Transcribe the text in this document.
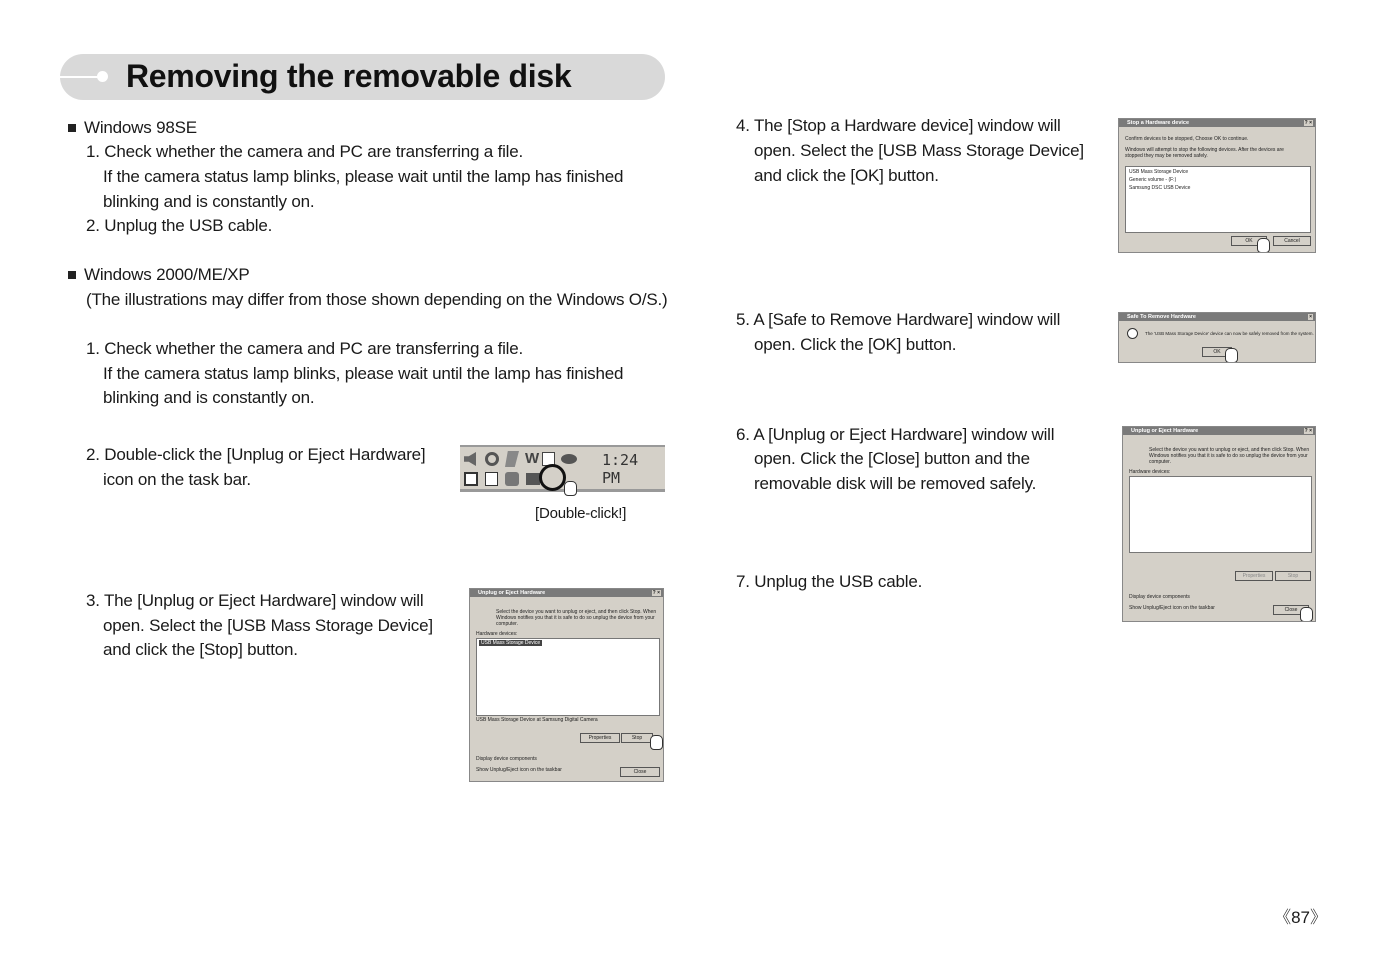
Removing the removable disk
Windows 98SE
1. Check whether the camera and PC are transferring a file.
If the camera status lamp blinks, please wait until the lamp has finished
blinking and is constantly on.
2. Unplug the USB cable.
Windows 2000/ME/XP
(The illustrations may differ from those shown depending on the Windows O/S.)
1. Check whether the camera and PC are transferring a file.
If the camera status lamp blinks, please wait until the lamp has finished
blinking and is constantly on.
2. Double-click the [Unplug or Eject Hardware]
icon on the task bar.
[Double-click!]
3. The [Unplug or Eject Hardware] window will
open. Select the [USB Mass Storage Device]
and click the [Stop] button.
4. The [Stop a Hardware device] window will
open. Select the [USB Mass Storage Device]
and click the [OK] button.
5. A [Safe to Remove Hardware] window will
open. Click the [OK] button.
6. A [Unplug or Eject Hardware] window will
open. Click the [Close] button and the
removable disk will be removed safely.
7. Unplug the USB cable.
W	1:24 PM
Unplug or Eject Hardware	? ×
Select the device you want to unplug or eject, and then click Stop. When
Windows notifies you that it is safe to do so unplug the device from your
computer.
Hardware devices:
USB Mass Storage Device
USB Mass Storage Device at Samsung Digital Camera
Properties	Stop
Display device components
Show Unplug/Eject icon on the taskbar	Close
Stop a Hardware device	? ×
Confirm devices to be stopped, Choose OK to continue.
Windows will attempt to stop the following devices. After the devices are
stopped they may be removed safely.
USB Mass Storage Device
Generic volume - (F:)
Samsung DSC USB Device
OK	Cancel
Safe To Remove Hardware	×
The 'USB Mass Storage Device' device can now be safely removed from the system.
OK
Unplug or Eject Hardware	? ×
Select the device you want to unplug or eject, and then click Stop. When
Windows notifies you that it is safe to do so unplug the device from your
computer.
Hardware devices:
Properties	Stop
Display device components
Show Unplug/Eject icon on the taskbar	Close
《87》
